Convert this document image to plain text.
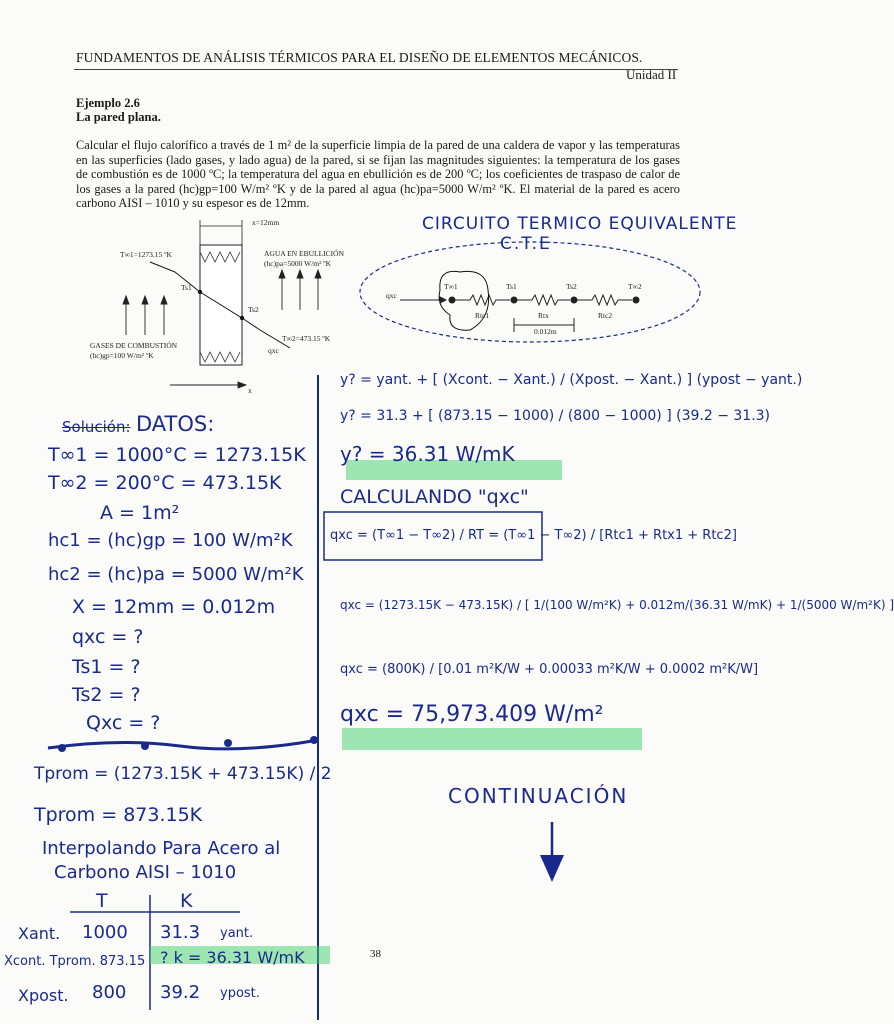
FUNDAMENTOS DE ANÁLISIS TÉRMICOS PARA EL DISEÑO DE ELEMENTOS MECÁNICOS.
Unidad II
Ejemplo 2.6
La pared plana.
Calcular el flujo calorífico a través de 1 m² de la superficie limpia de la pared de una caldera de vapor y las temperaturas en las superficies (lado gases, y lado agua) de la pared, si se fijan las magnitudes siguientes: la temperatura de los gases de combustión es de 1000 ºC; la temperatura del agua en ebullición es de 200 ºC; los coeficientes de traspaso de calor de los gases a la pared (hc)gp=100 W/m² ºK y de la pared al agua (hc)pa=5000 W/m² ºK. El material de la pared es acero carbono AISI – 1010 y su espesor es de 12mm.
x=12mm
T∞1=1273.15 ºK
Ts1
Ts2
AGUA EN EBULLICIÓN
(hc)pa=5000 W/m² ºK
GASES DE COMBUSTIÓN
(hc)gp=100 W/m² ºK
T∞2=473.15 ºK
qxc
x
T∞1	Ts1	Ts2	T∞2
Rtc1	Rtx	Rtc2
qxc
0.012m
CIRCUITO TERMICO EQUIVALENTE
C.T.E
Solución: DATOS:
T∞1 = 1000°C = 1273.15K
T∞2 = 200°C = 473.15K
A = 1m²
hc1 = (hc)gp = 100 W/m²K
hc2 = (hc)pa = 5000 W/m²K
X = 12mm = 0.012m
qxc = ?
Ts1 = ?
Ts2 = ?
Qxc = ?
Tprom = (1273.15K + 473.15K) / 2
Tprom = 873.15K
Interpolando Para Acero al
Carbono AISI – 1010
T	K
Xant. 1000 31.3 yant.
Xcont. Tprom. 873.15 ? k = 36.31 W/mK
Xpost. 800 39.2 ypost.
y? = yant. + [ (Xcont. − Xant.) / (Xpost. − Xant.) ] (ypost − yant.)
y? = 31.3 + [ (873.15 − 1000) / (800 − 1000) ] (39.2 − 31.3)
y? = 36.31 W/mK
CALCULANDO "qxc"
qxc = (T∞1 − T∞2) / RT = (T∞1 − T∞2) / [Rtc1 + Rtx1 + Rtc2]
qxc = (1273.15K − 473.15K) / [ 1/(100 W/m²K) + 0.012m/(36.31 W/mK) + 1/(5000 W/m²K) ]
qxc = (800K) / [0.01 m²K/W + 0.00033 m²K/W + 0.0002 m²K/W]
qxc = 75,973.409 W/m²
CONTINUACIÓN
38
